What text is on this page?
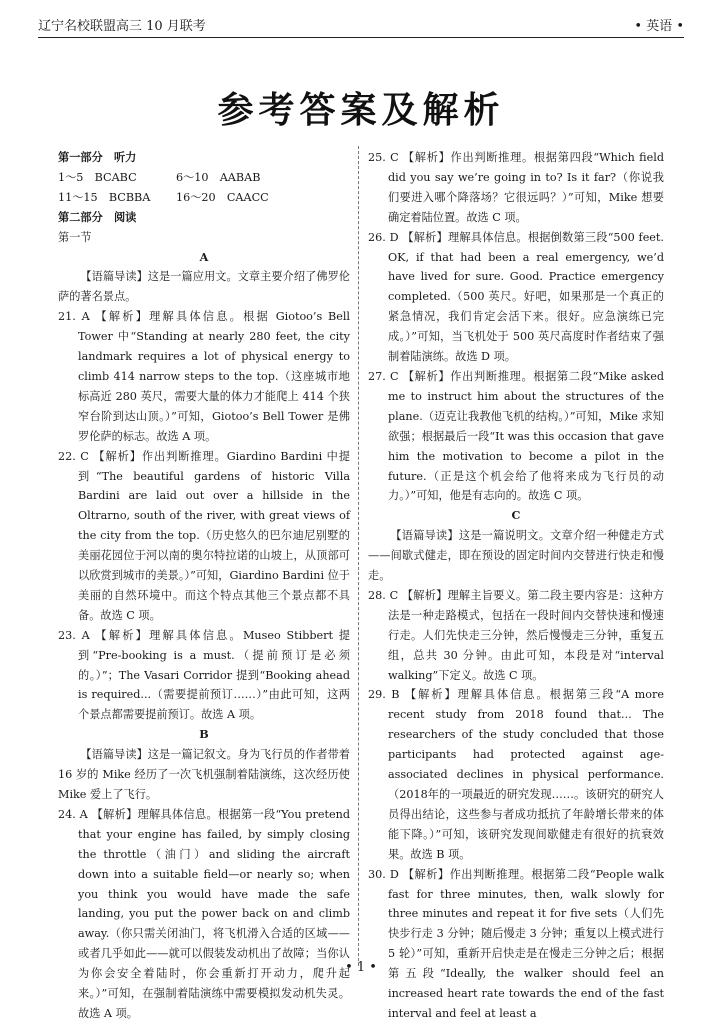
辽宁名校联盟高三 10 月联考	• 英语 •
参考答案及解析

第一部分　听力

1～5　BCABC	6～10　AABAB
11～15　BCBBA	16～20　CAACC

第二部分　阅读

第一节

A

【语篇导读】这是一篇应用文。文章主要介绍了佛罗伦萨的著名景点。

21. A 【解析】理解具体信息。根据 Giotoo’s Bell Tower 中“Standing at nearly 280 feet, the city landmark requires a lot of physical energy to climb 414 narrow steps to the top.（这座城市地标高近 280 英尺，需要大量的体力才能爬上 414 个狭窄台阶到达山顶。）”可知，Giotoo’s Bell Tower 是佛罗伦萨的标志。故选 A 项。

22. C 【解析】作出判断推理。Giardino Bardini 中提到“The beautiful gardens of historic Villa Bardini are laid out over a hillside in the Oltrarno, south of the river, with great views of the city from the top.（历史悠久的巴尔迪尼别墅的美丽花园位于河以南的奥尔特拉诺的山坡上，从顶部可以欣赏到城市的美景。）”可知，Giardino Bardini 位于美丽的自然环境中。而这个特点其他三个景点都不具备。故选 C 项。

23. A 【解析】理解具体信息。Museo Stibbert 提到“Pre-booking is a must.（提前预订是必须的。）”；The Vasari Corridor 提到“Booking ahead is required...（需要提前预订……）”由此可知，这两个景点都需要提前预订。故选 A 项。

B

【语篇导读】这是一篇记叙文。身为飞行员的作者带着 16 岁的 Mike 经历了一次飞机强制着陆演练，这次经历使 Mike 爱上了飞行。

24. A 【解析】理解具体信息。根据第一段“You pretend that your engine has failed, by simply closing the throttle（油门）and sliding the aircraft down into a suitable field—or nearly so; when you think you would have made the safe landing, you put the power back on and climb away.（你只需关闭油门，将飞机滑入合适的区域——或者几乎如此——就可以假装发动机出了故障；当你认为你会安全着陆时，你会重新打开动力，爬升起来。）”可知，在强制着陆演练中需要模拟发动机失灵。故选 A 项。

25. C 【解析】作出判断推理。根据第四段“Which field did you say we’re going in to? Is it far?（你说我们要进入哪个降落场？它很远吗？）”可知，Mike 想要确定着陆位置。故选 C 项。

26. D 【解析】理解具体信息。根据倒数第三段“500 feet. OK, if that had been a real emergency, we’d have lived for sure. Good. Practice emergency completed.（500 英尺。好吧，如果那是一个真正的紧急情况，我们肯定会活下来。很好。应急演练已完成。）”可知，当飞机处于 500 英尺高度时作者结束了强制着陆演练。故选 D 项。

27. C 【解析】作出判断推理。根据第二段“Mike asked me to instruct him about the structures of the plane.（迈克让我教他飞机的结构。）”可知，Mike 求知欲强；根据最后一段“It was this occasion that gave him the motivation to become a pilot in the future.（正是这个机会给了他将来成为飞行员的动力。）”可知，他是有志向的。故选 C 项。

C

【语篇导读】这是一篇说明文。文章介绍一种健走方式——间歇式健走，即在预设的固定时间内交替进行快走和慢走。

28. C 【解析】理解主旨要义。第二段主要内容是：这种方法是一种走路模式，包括在一段时间内交替快速和慢速行走。人们先快走三分钟，然后慢慢走三分钟，重复五组，总共 30 分钟。由此可知，本段是对“interval walking”下定义。故选 C 项。

29. B 【解析】理解具体信息。根据第三段“A more recent study from 2018 found that... The researchers of the study concluded that those participants had protected against age-associated declines in physical performance.（2018年的一项最近的研究发现……。该研究的研究人员得出结论，这些参与者成功抵抗了年龄增长带来的体能下降。）”可知，该研究发现间歇健走有很好的抗衰效果。故选 B 项。

30. D 【解析】作出判断推理。根据第二段“People walk fast for three minutes, then, walk slowly for three minutes and repeat it for five sets（人们先快步行走 3 分钟；随后慢走 3 分钟；重复以上模式进行 5 轮）”可知，重新开启快走是在慢走三分钟之后；根据第五段“Ideally, the walker should feel an increased heart rate towards the end of the fast interval and feel at least a

• 1 •
